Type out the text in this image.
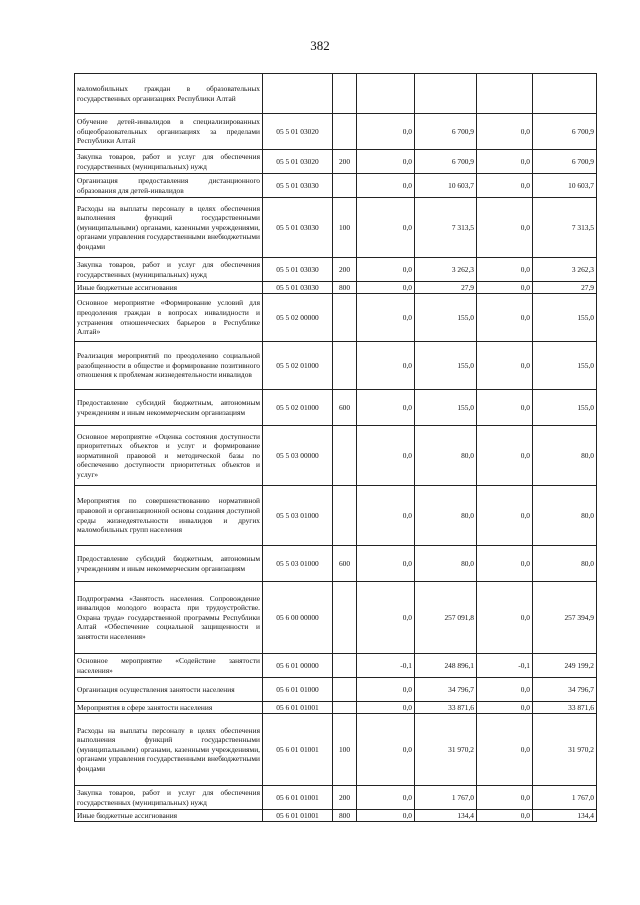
382
маломобильных граждан в образовательных государственных организациях Республики Алтай						
Обучение детей-инвалидов в специализированных общеобразовательных организациях за пределами Республики Алтай	05 5 01 03020		0,0	6 700,9	0,0	6 700,9
Закупка товаров, работ и услуг для обеспечения государственных (муниципальных) нужд	05 5 01 03020	200	0,0	6 700,9	0,0	6 700,9
Организация предоставления дистанционного образования для детей-инвалидов	05 5 01 03030		0,0	10 603,7	0,0	10 603,7
Расходы на выплаты персоналу в целях обеспечения выполнения функций государственными (муниципальными) органами, казенными учреждениями, органами управления государственными внебюджетными фондами	05 5 01 03030	100	0,0	7 313,5	0,0	7 313,5
Закупка товаров, работ и услуг для обеспечения государственных (муниципальных) нужд	05 5 01 03030	200	0,0	3 262,3	0,0	3 262,3
Иные бюджетные ассигнования	05 5 01 03030	800	0,0	27,9	0,0	27,9
Основное мероприятие «Формирование условий для преодоления граждан в вопросах инвалидности и устранения отношенческих барьеров в Республике Алтай»	05 5 02 00000		0,0	155,0	0,0	155,0
Реализация мероприятий по преодолению социальной разобщенности в обществе и формирование позитивного отношения к проблемам жизнедеятельности инвалидов	05 5 02 01000		0,0	155,0	0,0	155,0
Предоставление субсидий бюджетным, автономным учреждениям и иным некоммерческим организациям	05 5 02 01000	600	0,0	155,0	0,0	155,0
Основное мероприятие «Оценка состояния доступности приоритетных объектов и услуг и формирование нормативной правовой и методической базы по обеспечению доступности приоритетных объектов и услуг»	05 5 03 00000		0,0	80,0	0,0	80,0
Мероприятия по совершенствованию нормативной правовой и организационной основы создания доступной среды жизнедеятельности инвалидов и других маломобильных групп населения	05 5 03 01000		0,0	80,0	0,0	80,0
Предоставление субсидий бюджетным, автономным учреждениям и иным некоммерческим организациям	05 5 03 01000	600	0,0	80,0	0,0	80,0
Подпрограмма «Занятость населения. Сопровождение инвалидов молодого возраста при трудоустройстве. Охрана труда» государственной программы Республики Алтай «Обеспечение социальной защищенности и занятости населения»	05 6 00 00000		0,0	257 091,8	0,0	257 394,9
Основное мероприятие «Содействие занятости населения»	05 6 01 00000		-0,1	248 896,1	-0,1	249 199,2
Организация осуществления занятости населения	05 6 01 01000		0,0	34 796,7	0,0	34 796,7
Мероприятия в сфере занятости населения	05 6 01 01001		0,0	33 871,6	0,0	33 871,6
Расходы на выплаты персоналу в целях обеспечения выполнения функций государственными (муниципальными) органами, казенными учреждениями, органами управления государственными внебюджетными фондами	05 6 01 01001	100	0,0	31 970,2	0,0	31 970,2
Закупка товаров, работ и услуг для обеспечения государственных (муниципальных) нужд	05 6 01 01001	200	0,0	1 767,0	0,0	1 767,0
Иные бюджетные ассигнования	05 6 01 01001	800	0,0	134,4	0,0	134,4
